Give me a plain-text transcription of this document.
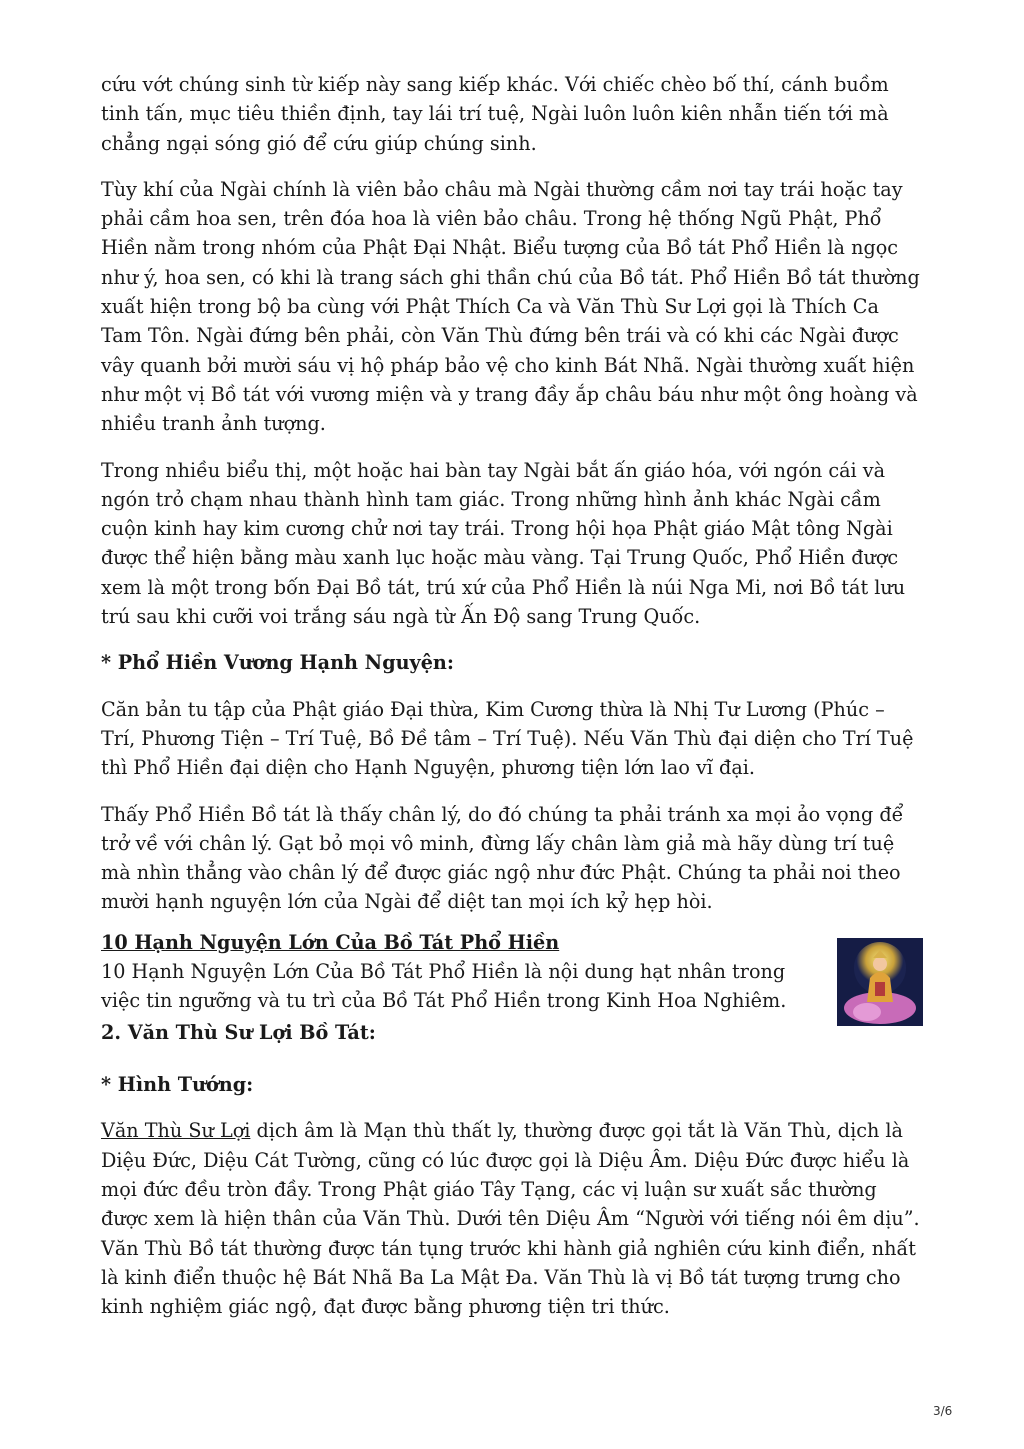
cứu vớt chúng sinh từ kiếp này sang kiếp khác. Với chiếc chèo bố thí, cánh buồm tinh tấn, mục tiêu thiền định, tay lái trí tuệ, Ngài luôn luôn kiên nhẫn tiến tới mà chẳng ngại sóng gió để cứu giúp chúng sinh.

Tùy khí của Ngài chính là viên bảo châu mà Ngài thường cầm nơi tay trái hoặc tay phải cầm hoa sen, trên đóa hoa là viên bảo châu. Trong hệ thống Ngũ Phật, Phổ Hiền nằm trong nhóm của Phật Đại Nhật. Biểu tượng của Bồ tát Phổ Hiền là ngọc như ý, hoa sen, có khi là trang sách ghi thần chú của Bồ tát. Phổ Hiền Bồ tát thường xuất hiện trong bộ ba cùng với Phật Thích Ca và Văn Thù Sư Lợi gọi là Thích Ca Tam Tôn. Ngài đứng bên phải, còn Văn Thù đứng bên trái và có khi các Ngài được vây quanh bởi mười sáu vị hộ pháp bảo vệ cho kinh Bát Nhã. Ngài thường xuất hiện như một vị Bồ tát với vương miện và y trang đầy ắp châu báu như một ông hoàng và nhiều tranh ảnh tượng.

Trong nhiều biểu thị, một hoặc hai bàn tay Ngài bắt ấn giáo hóa, với ngón cái và ngón trỏ chạm nhau thành hình tam giác. Trong những hình ảnh khác Ngài cầm cuộn kinh hay kim cương chử nơi tay trái. Trong hội họa Phật giáo Mật tông Ngài được thể hiện bằng màu xanh lục hoặc màu vàng. Tại Trung Quốc, Phổ Hiền được xem là một trong bốn Đại Bồ tát, trú xứ của Phổ Hiền là núi Nga Mi, nơi Bồ tát lưu trú sau khi cưỡi voi trắng sáu ngà từ Ấn Độ sang Trung Quốc.

* Phổ Hiền Vương Hạnh Nguyện:

Căn bản tu tập của Phật giáo Đại thừa, Kim Cương thừa là Nhị Tư Lương (Phúc – Trí, Phương Tiện – Trí Tuệ, Bồ Đề tâm – Trí Tuệ). Nếu Văn Thù đại diện cho Trí Tuệ thì Phổ Hiền đại diện cho Hạnh Nguyện, phương tiện lớn lao vĩ đại.

Thấy Phổ Hiền Bồ tát là thấy chân lý, do đó chúng ta phải tránh xa mọi ảo vọng để trở về với chân lý. Gạt bỏ mọi vô minh, đừng lấy chân làm giả mà hãy dùng trí tuệ mà nhìn thẳng vào chân lý để được giác ngộ như đức Phật. Chúng ta phải noi theo mười hạnh nguyện lớn của Ngài để diệt tan mọi ích kỷ hẹp hòi.

10 Hạnh Nguyện Lớn Của Bồ Tát Phổ Hiền
10 Hạnh Nguyện Lớn Của Bồ Tát Phổ Hiền là nội dung hạt nhân trong việc tin ngưỡng và tu trì của Bồ Tát Phổ Hiền trong Kinh Hoa Nghiêm.
2. Văn Thù Sư Lợi Bồ Tát:

* Hình Tướng:

Văn Thù Sư Lợi dịch âm là Mạn thù thất ly, thường được gọi tắt là Văn Thù, dịch là Diệu Đức, Diệu Cát Tường, cũng có lúc được gọi là Diệu Âm. Diệu Đức được hiểu là mọi đức đều tròn đầy. Trong Phật giáo Tây Tạng, các vị luận sư xuất sắc thường được xem là hiện thân của Văn Thù. Dưới tên Diệu Âm “Người với tiếng nói êm dịu”. Văn Thù Bồ tát thường được tán tụng trước khi hành giả nghiên cứu kinh điển, nhất là kinh điển thuộc hệ Bát Nhã Ba La Mật Đa. Văn Thù là vị Bồ tát tượng trưng cho kinh nghiệm giác ngộ, đạt được bằng phương tiện tri thức.

3/6
